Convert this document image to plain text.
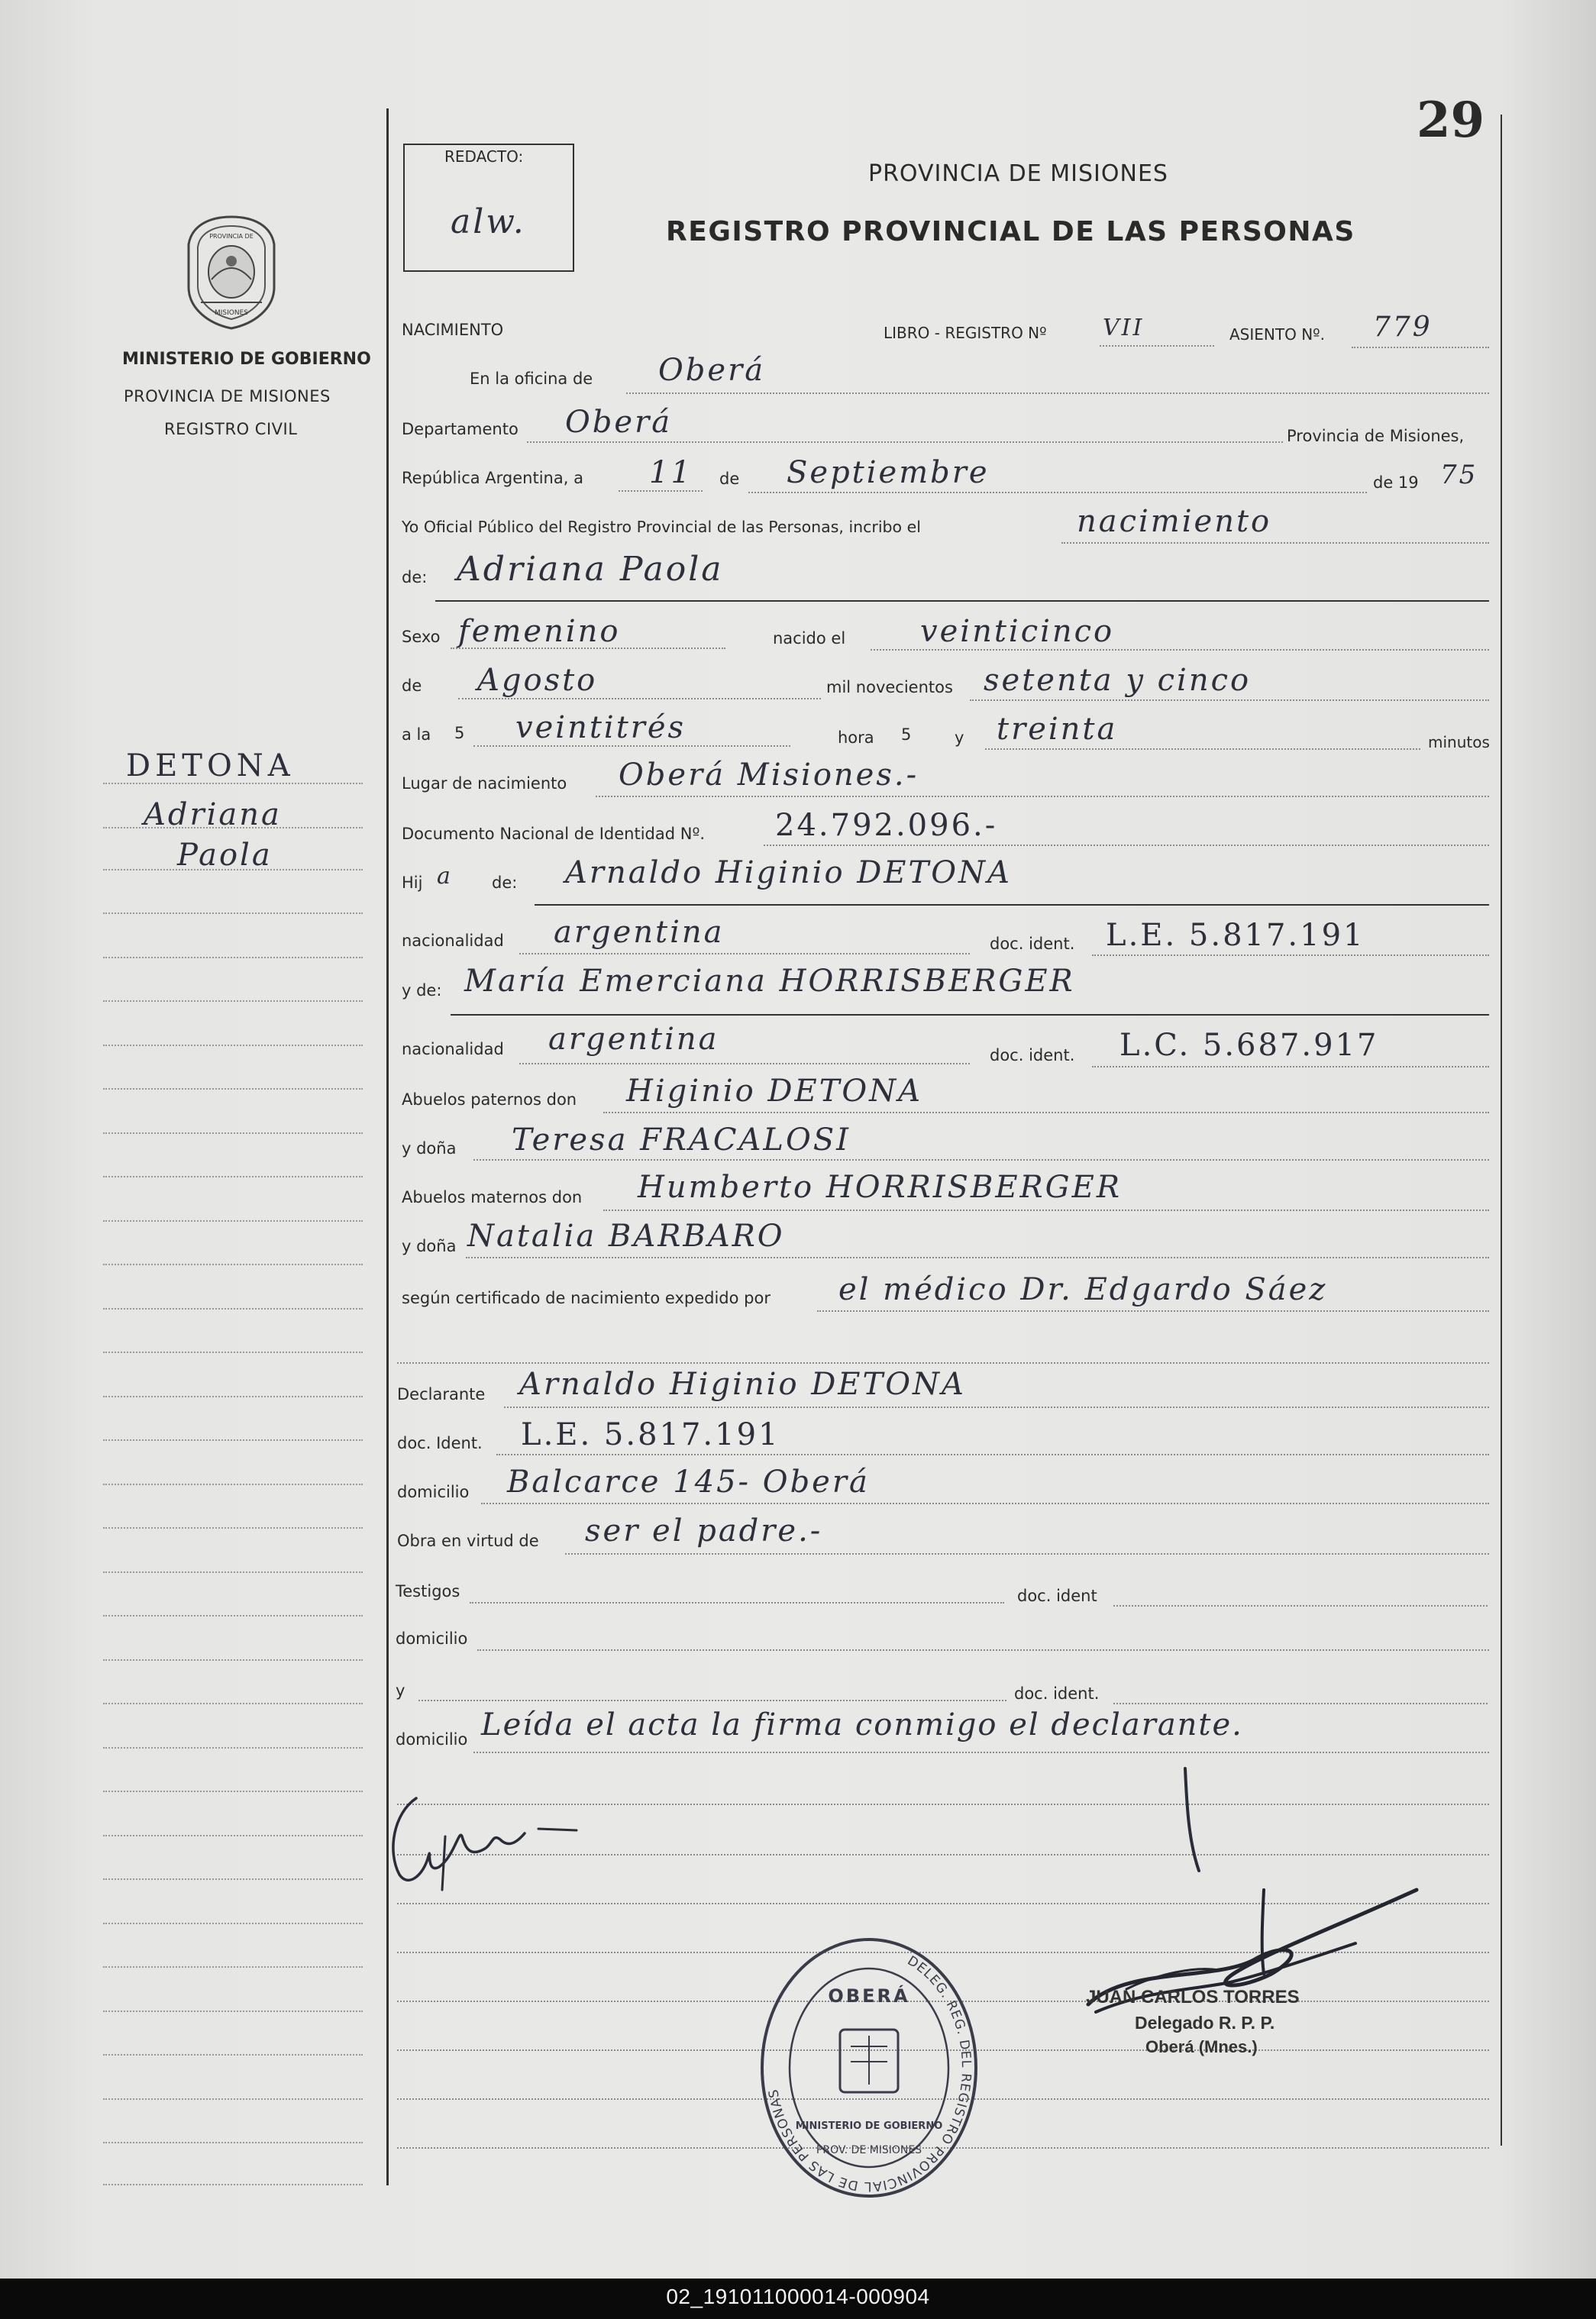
29
REDACTO:
alw.
PROVINCIA DE MISIONES
REGISTRO PROVINCIAL DE LAS PERSONAS
PROVINCIA DE
MISIONES
MINISTERIO DE GOBIERNO
PROVINCIA DE MISIONES
REGISTRO CIVIL
DETONA
Adriana
Paola
NACIMIENTO	LIBRO - REGISTRO Nº VII	ASIENTO Nº. 779
En la oficina de Oberá
Departamento Oberá	Provincia de Misiones,
República Argentina, a 11 de Septiembre	de 19 75
Yo Oficial Público del Registro Provincial de las Personas, incribo el	nacimiento
de: Adriana Paola
Sexo femenino	nacido el veinticinco
de Agosto	mil novecientos setenta y cinco
a la 5 veintitrés	hora 5	y treinta	minutos
Lugar de nacimiento Oberá Misiones.-
Documento Nacional de Identidad Nº. 24.792.096.-
Hij a de: Arnaldo Higinio DETONA
nacionalidad argentina	doc. ident. L.E. 5.817.191
y de: María Emerciana HORRISBERGER
nacionalidad argentina	doc. ident. L.C. 5.687.917
Abuelos paternos don Higinio DETONA
y doña Teresa FRACALOSI
Abuelos maternos don Humberto HORRISBERGER
y doña Natalia BARBARO
según certificado de nacimiento expedido por el médico Dr. Edgardo Sáez
Declarante Arnaldo Higinio DETONA
doc. Ident. L.E. 5.817.191
domicilio Balcarce 145- Oberá
Obra en virtud de ser el padre.-
Testigos	doc. ident
domicilio
y	doc. ident.
domicilio Leída el acta la firma conmigo el declarante.
JUAN CARLOS TORRES
Delegado R. P. P.
Oberá (Mnes.)
DELEG. REG. DEL REGISTRO PROVINCIAL DE LAS PERSONAS
OBERÁ
MINISTERIO DE GOBIERNO
PROV. DE MISIONES
02_191011000014-000904
